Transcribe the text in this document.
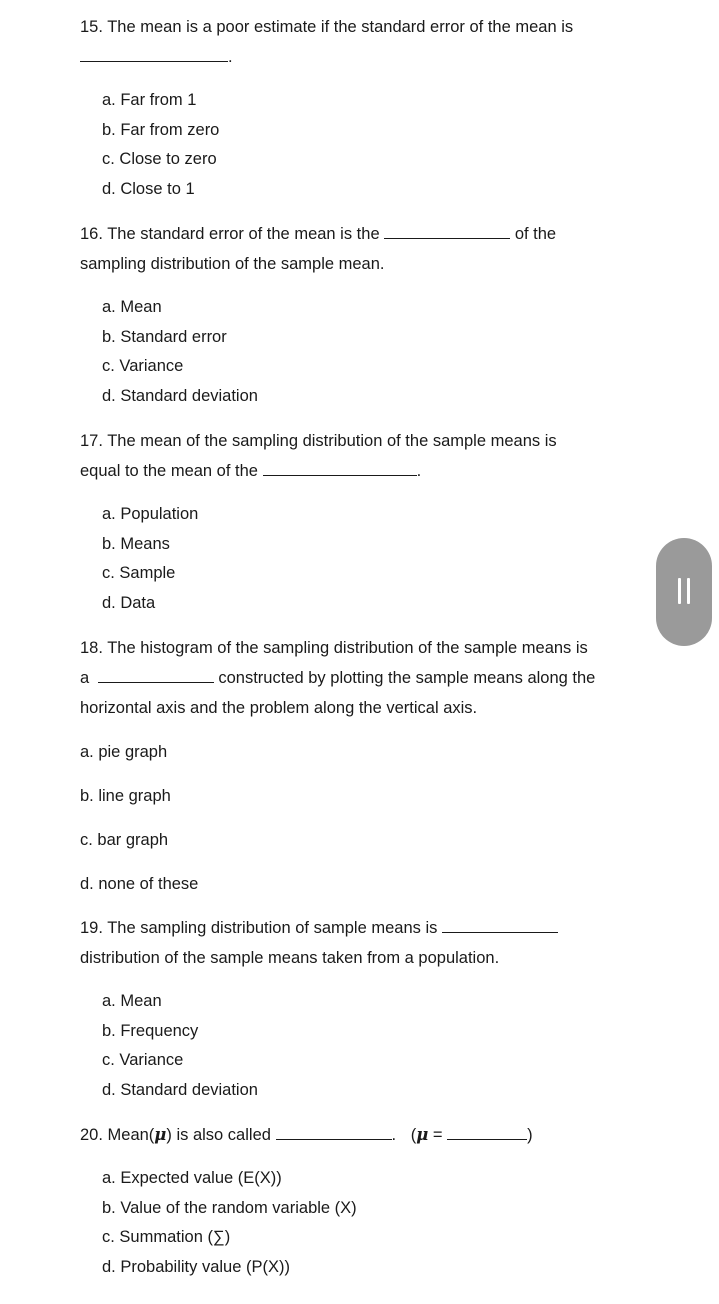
15. The mean is a poor estimate if the standard error of the mean is
.

a. Far from 1
b. Far from zero
c. Close to zero
d. Close to 1

16. The standard error of the mean is the	of the
sampling distribution of the sample mean.

a. Mean
b. Standard error
c. Variance
d. Standard deviation

17. The mean of the sampling distribution of the sample means is
equal to the mean of the	.

a. Population
b. Means
c. Sample
d. Data

18. The histogram of the sampling distribution of the sample means is
a	constructed by plotting the sample means along the
horizontal axis and the problem along the vertical axis.

a. pie graph
b. line graph
c. bar graph
d. none of these

19. The sampling distribution of sample means is
distribution of the sample means taken from a population.

a. Mean
b. Frequency
c. Variance
d. Standard deviation

20. Mean(μ) is also called	. (μ =	)

a. Expected value (E(X))
b. Value of the random variable (X)
c. Summation (∑)
d. Probability value (P(X))
